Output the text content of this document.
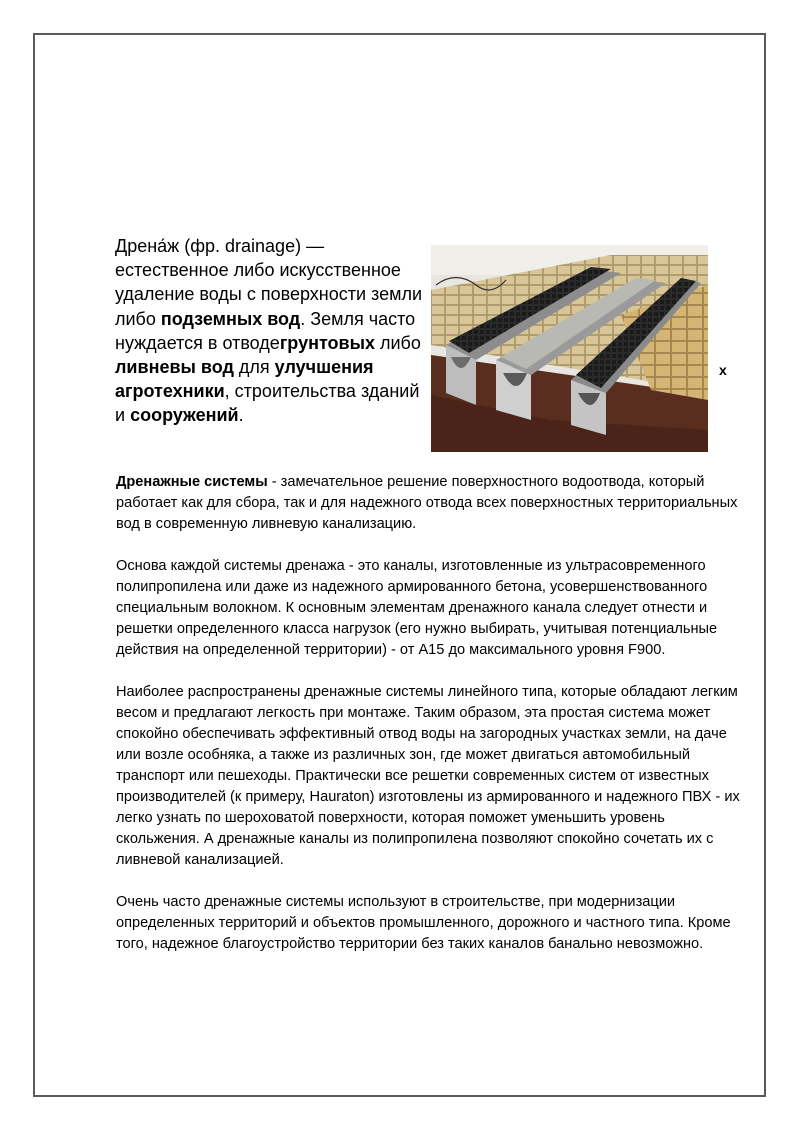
Дрена́ж (фр. drainage) — естественное либо искусственное удаление воды с поверхности земли либо подземных вод. Земля часто нуждается в отводегрунтовых либо ливневы вод для улучшения агротехники, строительства зданий и сооружений.
х

Дренажные системы - замечательное решение поверхностного водоотвода, который работает как для сбора, так и для надежного отвода всех поверхностных территориальных вод в современную ливневую канализацию.

Основа каждой системы дренажа - это каналы, изготовленные из ультрасовременного полипропилена или даже из надежного армированного бетона, усовершенствованного специальным волокном. К основным элементам дренажного канала следует отнести и решетки определенного класса нагрузок (его нужно выбирать, учитывая потенциальные действия на определенной территории) - от А15 до максимального уровня F900.

Наиболее распространены дренажные системы линейного типа, которые обладают легким весом и предлагают легкость при монтаже. Таким образом, эта простая система может спокойно обеспечивать эффективный отвод воды на загородных участках земли, на даче или возле особняка, а также из различных зон, где может двигаться автомобильный транспорт или пешеходы. Практически все решетки современных систем от известных производителей (к примеру, Hauraton) изготовлены из армированного и надежного ПВХ - их легко узнать по шероховатой поверхности, которая поможет уменьшить уровень скольжения. А дренажные каналы из полипропилена позволяют спокойно сочетать их с ливневой канализацией.

Очень часто дренажные системы используют в строительстве, при модернизации определенных территорий и объектов промышленного, дорожного и частного типа. Кроме того, надежное благоустройство территории без таких каналов банально невозможно.
